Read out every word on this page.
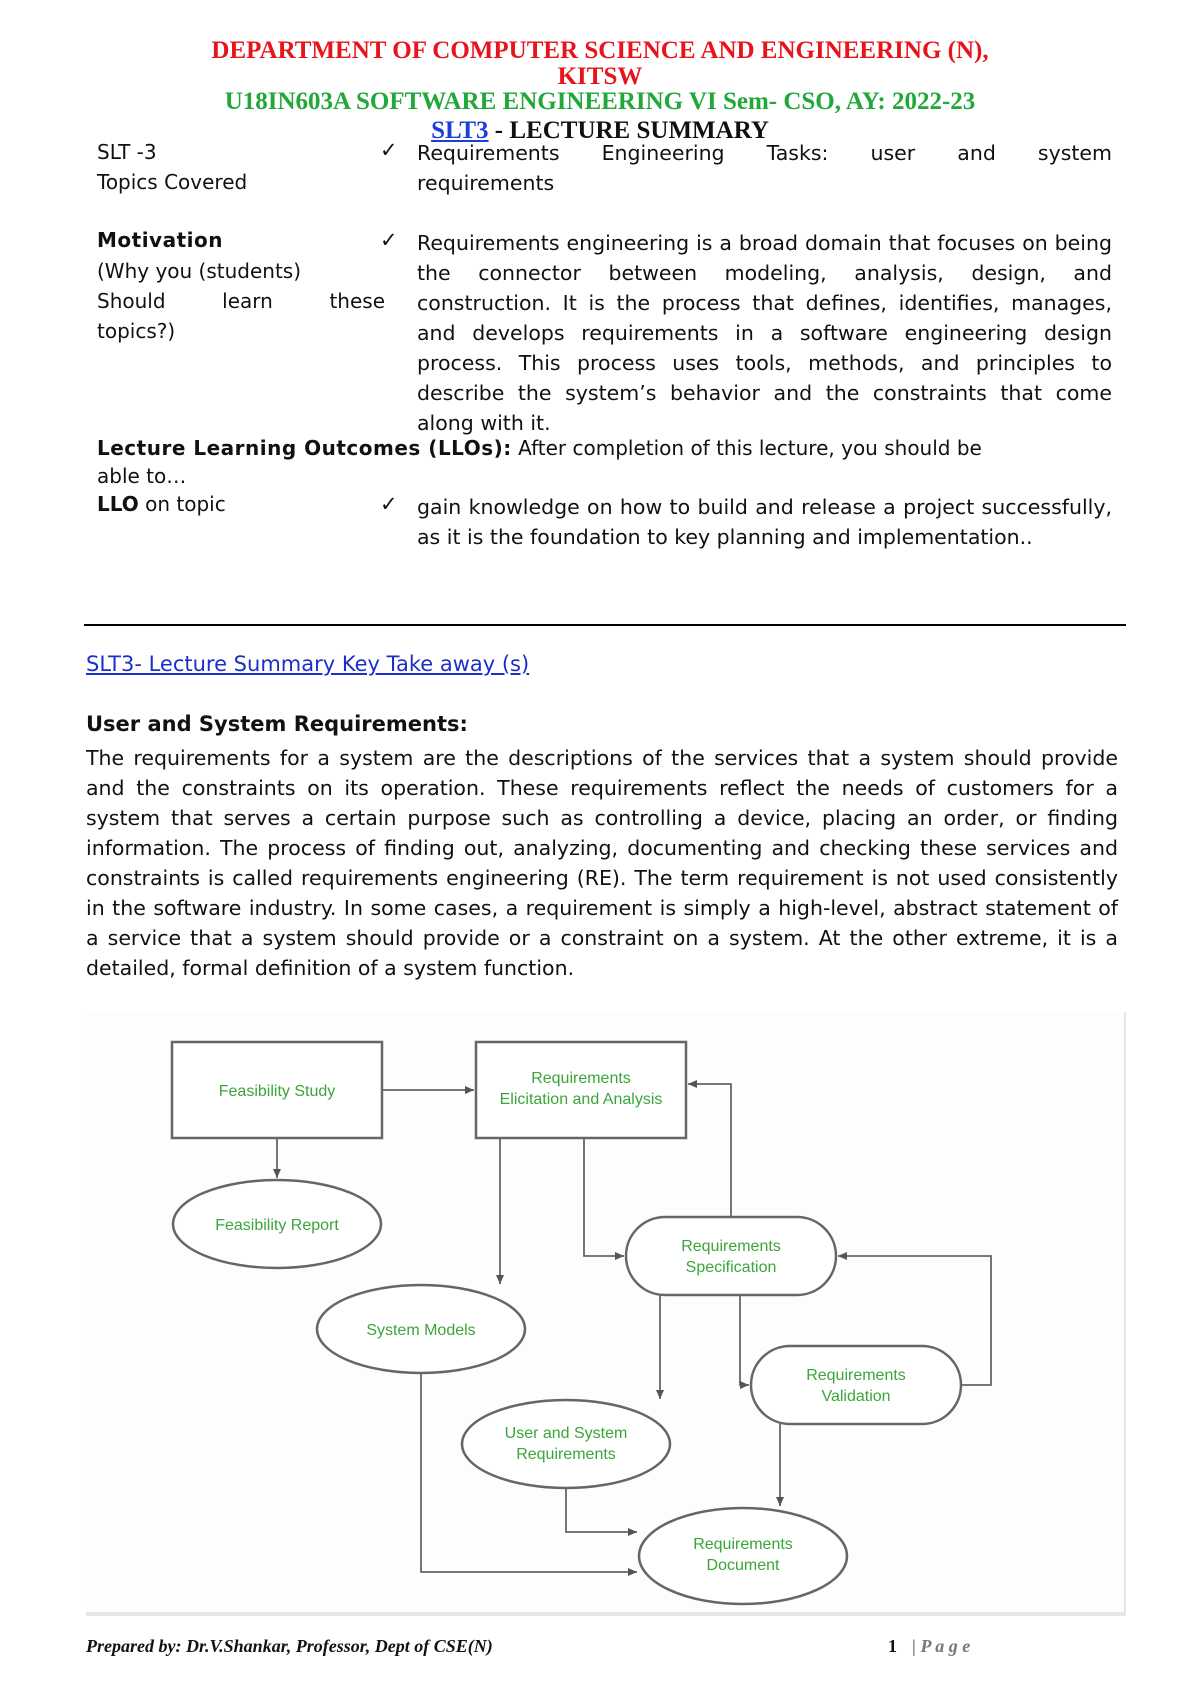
DEPARTMENT OF COMPUTER SCIENCE AND ENGINEERING (N),
KITSW
U18IN603A SOFTWARE ENGINEERING VI Sem- CSO, AY: 2022-23
SLT3 - LECTURE SUMMARY
SLT -3
Topics Covered
✓ Requirements Engineering Tasks: user and system
requirements
Motivation
(Why you (students)
Should learn these
topics?)
✓ Requirements engineering is a broad domain that focuses on being the connector between modeling, analysis, design, and construction. It is the process that defines, identifies, manages, and develops requirements in a software engineering design process. This process uses tools, methods, and principles to describe the system’s behavior and the constraints that come along with it.
Lecture Learning Outcomes (LLOs): After completion of this lecture, you should be
able to…
LLO on topic	✓ gain knowledge on how to build and release a project successfully, as it is the foundation to key planning and implementation..
SLT3- Lecture Summary Key Take away (s)
User and System Requirements:
The requirements for a system are the descriptions of the services that a system should provide and the constraints on its operation. These requirements reflect the needs of customers for a system that serves a certain purpose such as controlling a device, placing an order, or finding information. The process of finding out, analyzing, documenting and checking these services and constraints is called requirements engineering (RE). The term requirement is not used consistently in the software industry. In some cases, a requirement is simply a high-level, abstract statement of a service that a system should provide or a constraint on a system. At the other extreme, it is a detailed, formal definition of a system function.
Feasibility Study
Requirements
Elicitation and Analysis
Feasibility Report
Requirements
Specification
System Models
Requirements
Validation
User and System
Requirements
Requirements
Document
Prepared by: Dr.V.Shankar, Professor, Dept of CSE(N)	1 | P a g e
